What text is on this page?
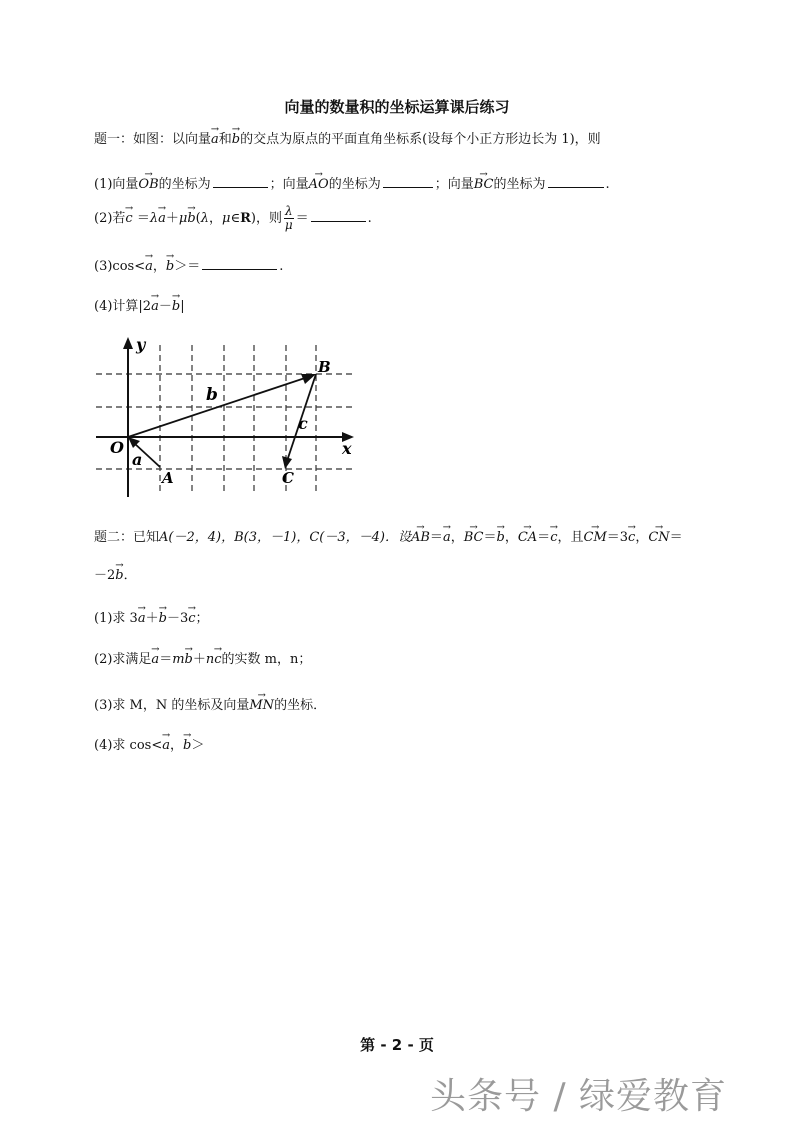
向量的数量积的坐标运算课后练习
题一：如图：以向量→ a和→ b的交点为原点的平面直角坐标系(设每个小正方形边长为 1)，则
(1)向量→ OB的坐标为	；向量→ AO的坐标为	；向量→ BC的坐标为	.
(2)若→ c ＝λ→ a＋μ→ b(λ，μ∈R)，则 $\frac{\lambda}{\mu}$ ＝	.
(3)cos<→ a，→ b＞＝	.
(4)计算|2→ a－→ b|
y
x
O
A
B
C
a
b
c
题二：已知A(－2，4)，B(3，－1)，C(－3，－4)．设→ AB＝→ a，→ BC＝→ b，→ CA＝→ c，且→ CM＝3→ c，→ CN＝
－2→ b．
(1)求 3→ a＋→ b－3→ c；
(2)求满足→ a＝m→ b＋n→ c的实数 m，n；
(3)求 M，N 的坐标及向量→ MN的坐标．
(4)求 cos<→ a，→ b＞
第 - 2 - 页
头条号 / 绿爱教育
